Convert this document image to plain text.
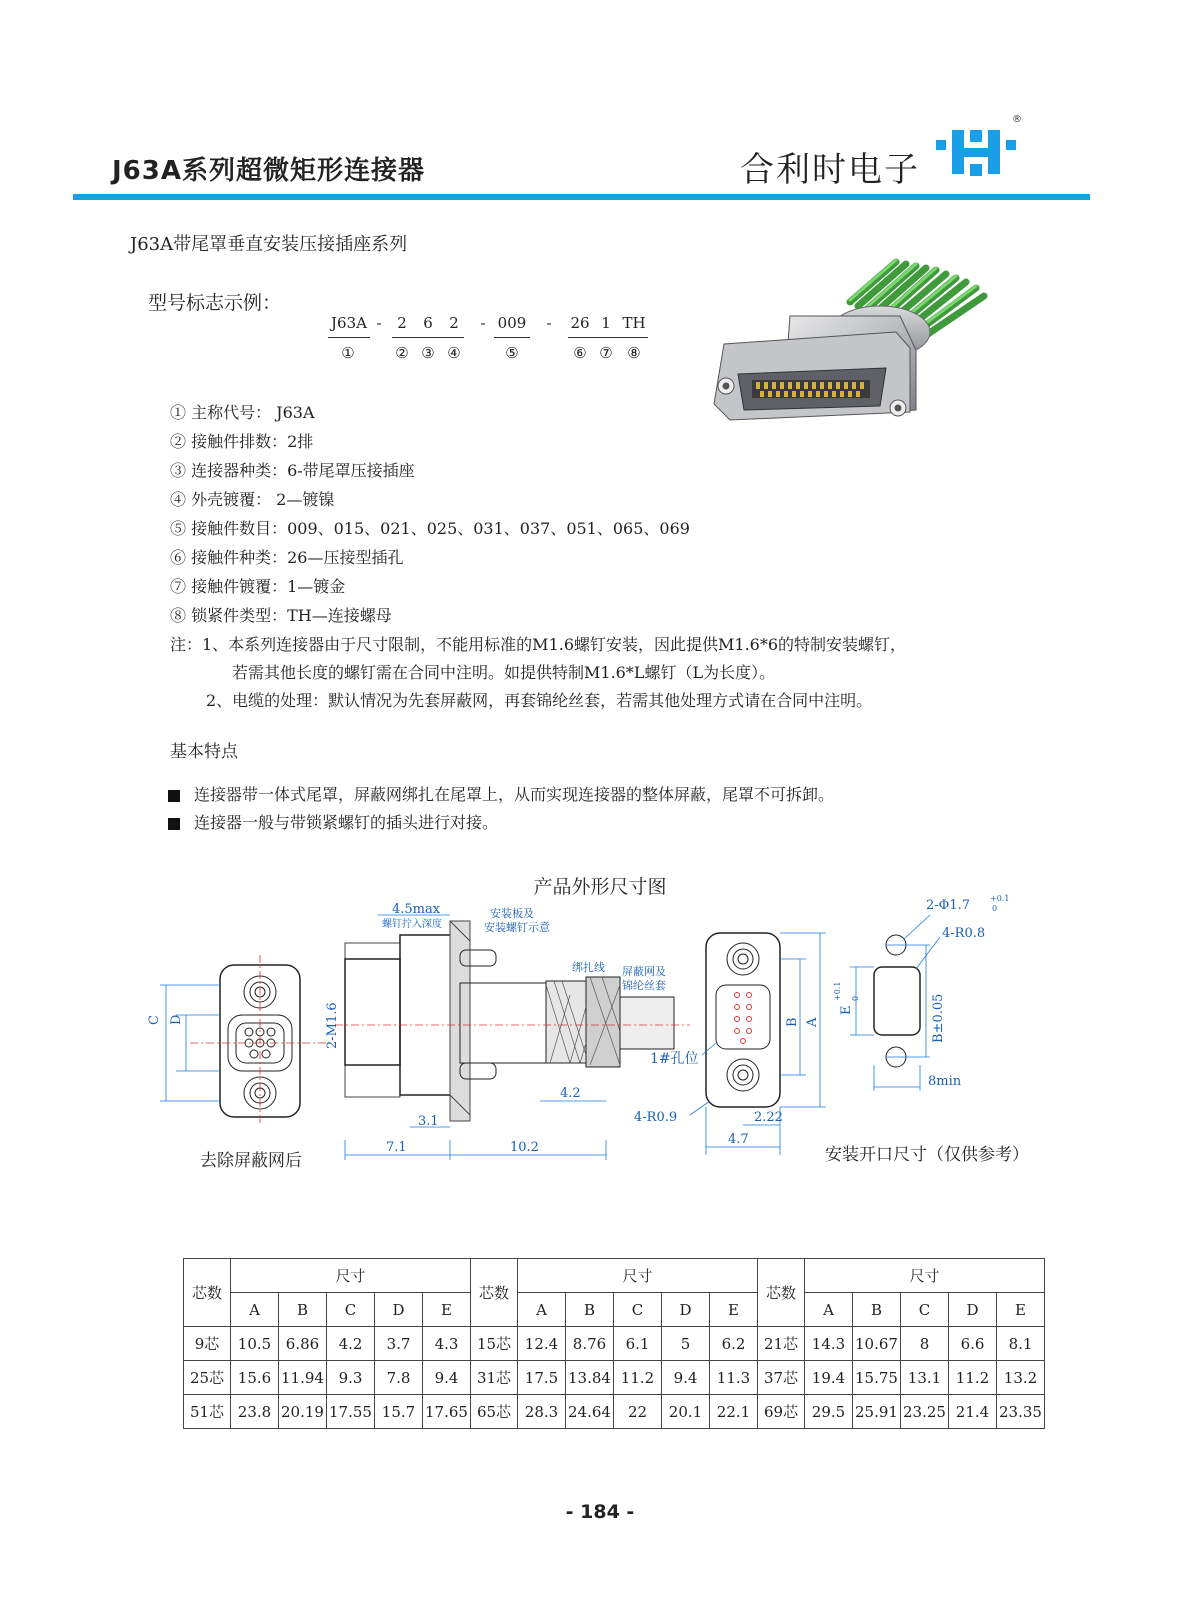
J63A系列超微矩形连接器	合利时电子
®
J63A带尾罩垂直安装压接插座系列
型号标志示例：
J63A -	2	6	2	- 009 - 26 1 TH
①	② ③ ④	⑤	⑥ ⑦ ⑧
① 主称代号： J63A
② 接触件排数：2排
③ 连接器种类：6-带尾罩压接插座
④ 外壳镀覆： 2—镀镍
⑤ 接触件数目：009、015、021、025、031、037、051、065、069
⑥ 接触件种类：26—压接型插孔
⑦ 接触件镀覆：1—镀金
⑧ 锁紧件类型：TH—连接螺母
注：1、本系列连接器由于尺寸限制，不能用标准的M1.6螺钉安装，因此提供M1.6*6的特制安装螺钉，
若需其他长度的螺钉需在合同中注明。如提供特制M1.6*L螺钉（L为长度）。
2、电缆的处理：默认情况为先套屏蔽网，再套锦纶丝套，若需其他处理方式请在合同中注明。
基本特点
连接器带一体式尾罩，屏蔽网绑扎在尾罩上，从而实现连接器的整体屏蔽，尾罩不可拆卸。
连接器一般与带锁紧螺钉的插头进行对接。
产品外形尺寸图
C D
4.5max
螺钉拧入深度
安装板及
安装螺钉示意
绑扎线 屏蔽网及
锦纶丝套
2-M1.6
4.2
3.1
7.1	10.2
1#孔位
4-R0.9	2.22
4.7
B A
2-Φ1.7	+0.1
0
4-R0.8
E
+0.1 0	B±0.05
8min
去除屏蔽网后	安装开口尺寸（仅供参考）
芯数	尺寸					芯数	尺寸					芯数	尺寸				
	A	B	C	D	E		A	B	C	D	E		A	B	C	D	E
9芯	10.5	6.86	4.2	3.7	4.3	15芯	12.4	8.76	6.1	5	6.2	21芯	14.3	10.67	8	6.6	8.1
25芯	15.6	11.94	9.3	7.8	9.4	31芯	17.5	13.84	11.2	9.4	11.3	37芯	19.4	15.75	13.1	11.2	13.2
51芯	23.8	20.19	17.55	15.7	17.65	65芯	28.3	24.64	22	20.1	22.1	69芯	29.5	25.91	23.25	21.4	23.35
- 184 -
